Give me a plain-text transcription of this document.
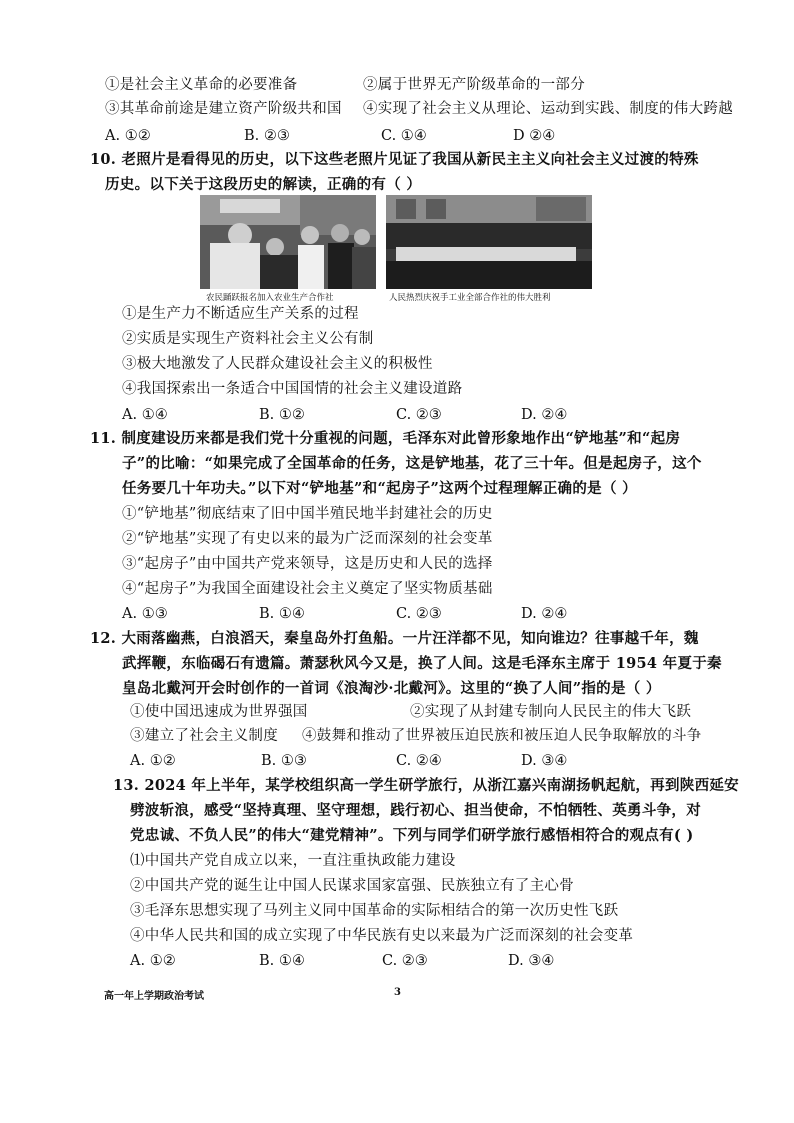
①是社会主义革命的必要准备	②属于世界无产阶级革命的一部分
③其革命前途是建立资产阶级共和国 ④实现了社会主义从理论、运动到实践、制度的伟大跨越
A. ①②	B. ②③	C. ①④	D ②④
10. 老照片是看得见的历史，以下这些老照片见证了我国从新民主主义向社会主义过渡的特殊
历史。以下关于这段历史的解读，正确的有（ ）
农民踊跃报名加入农业生产合作社	人民热烈庆祝手工业全部合作社的伟大胜利
①是生产力不断适应生产关系的过程
②实质是实现生产资料社会主义公有制
③极大地激发了人民群众建设社会主义的积极性
④我国探索出一条适合中国国情的社会主义建设道路
A. ①④	B. ①②	C. ②③	D. ②④
11. 制度建设历来都是我们党十分重视的问题，毛泽东对此曾形象地作出“铲地基”和“起房
子”的比喻：“如果完成了全国革命的任务，这是铲地基，花了三十年。但是起房子，这个
任务要几十年功夫。”以下对“铲地基”和“起房子”这两个过程理解正确的是（ ）
①“铲地基”彻底结束了旧中国半殖民地半封建社会的历史
②“铲地基”实现了有史以来的最为广泛而深刻的社会变革
③“起房子”由中国共产党来领导，这是历史和人民的选择
④“起房子”为我国全面建设社会主义奠定了坚实物质基础
A. ①③	B. ①④	C. ②③	D. ②④
12. 大雨落幽燕，白浪滔天，秦皇岛外打鱼船。一片汪洋都不见，知向谁边？往事越千年，魏
武挥鞭，东临碣石有遗篇。萧瑟秋风今又是，换了人间。这是毛泽东主席于 1954 年夏于秦
皇岛北戴河开会时创作的一首词《浪淘沙·北戴河》。这里的“换了人间”指的是（ ）
①使中国迅速成为世界强国	②实现了从封建专制向人民民主的伟大飞跃
③建立了社会主义制度 ④鼓舞和推动了世界被压迫民族和被压迫人民争取解放的斗争
A. ①②	B. ①③	C. ②④	D. ③④
13. 2024 年上半年，某学校组织高一学生研学旅行，从浙江嘉兴南湖扬帆起航，再到陕西延安
劈波斩浪，感受“坚持真理、坚守理想，践行初心、担当使命，不怕牺牲、英勇斗争，对
党忠诚、不负人民”的伟大“建党精神”。下列与同学们研学旅行感悟相符合的观点有( )
⑴中国共产党自成立以来，一直注重执政能力建设
②中国共产党的诞生让中国人民谋求国家富强、民族独立有了主心骨
③毛泽东思想实现了马列主义同中国革命的实际相结合的第一次历史性飞跃
④中华人民共和国的成立实现了中华民族有史以来最为广泛而深刻的社会变革
A. ①②	B. ①④	C. ②③	D. ③④
高一年上学期政治考试	3
